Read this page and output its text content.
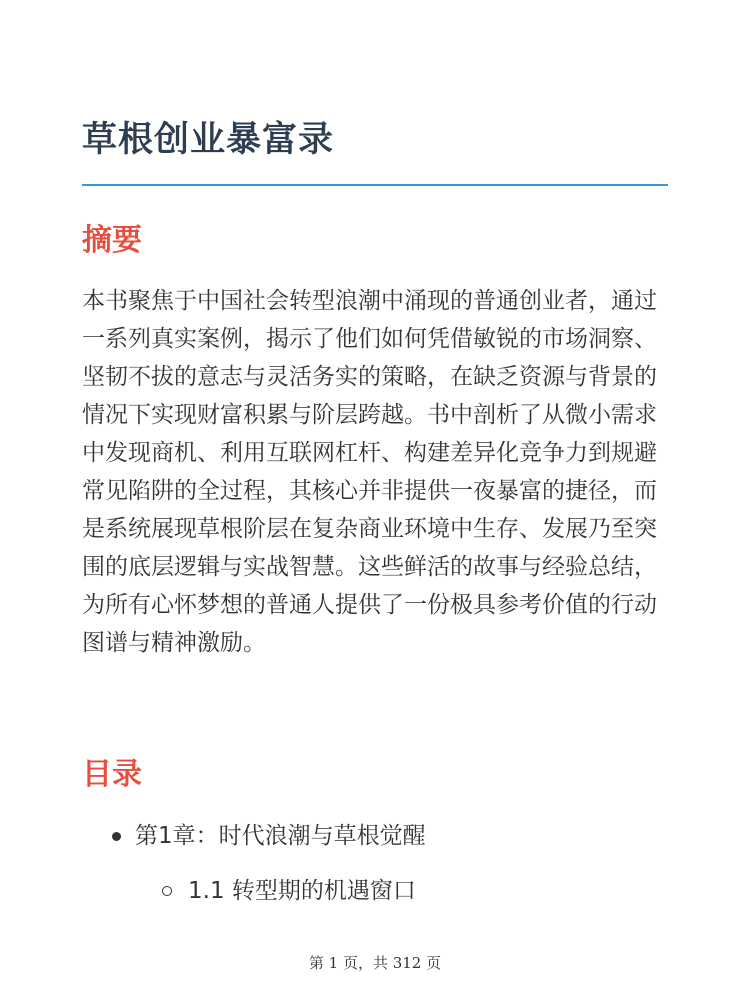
草根创业暴富录
摘要

本书聚焦于中国社会转型浪潮中涌现的普通创业者，通过一系列真实案例，揭示了他们如何凭借敏锐的市场洞察、坚韧不拔的意志与灵活务实的策略，在缺乏资源与背景的情况下实现财富积累与阶层跨越。书中剖析了从微小需求中发现商机、利用互联网杠杆、构建差异化竞争力到规避常见陷阱的全过程，其核心并非提供一夜暴富的捷径，而是系统展现草根阶层在复杂商业环境中生存、发展乃至突围的底层逻辑与实战智慧。这些鲜活的故事与经验总结，为所有心怀梦想的普通人提供了一份极具参考价值的行动图谱与精神激励。

目录
第1章：时代浪潮与草根觉醒
1.1 转型期的机遇窗口
第 1 页，共 312 页
